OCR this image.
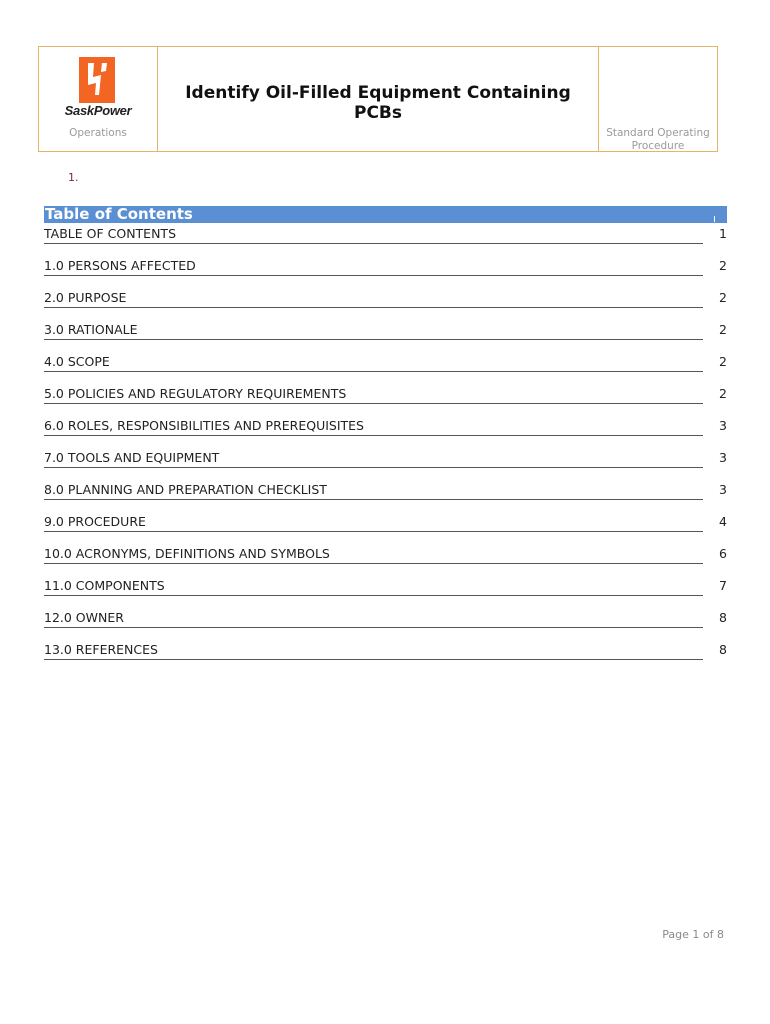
SaskPower
Operations
Identify Oil-Filled Equipment Containing PCBs
Standard Operating Procedure
1.
Table of Contents
TABLE OF CONTENTS	1
1.0 PERSONS AFFECTED	2
2.0 PURPOSE	2
3.0 RATIONALE	2
4.0 SCOPE	2
5.0 POLICIES AND REGULATORY REQUIREMENTS	2
6.0 ROLES, RESPONSIBILITIES AND PREREQUISITES	3
7.0 TOOLS AND EQUIPMENT	3
8.0 PLANNING AND PREPARATION CHECKLIST	3
9.0 PROCEDURE	4
10.0 ACRONYMS, DEFINITIONS AND SYMBOLS	6
11.0 COMPONENTS	7
12.0 OWNER	8
13.0 REFERENCES	8
Page 1 of 8
